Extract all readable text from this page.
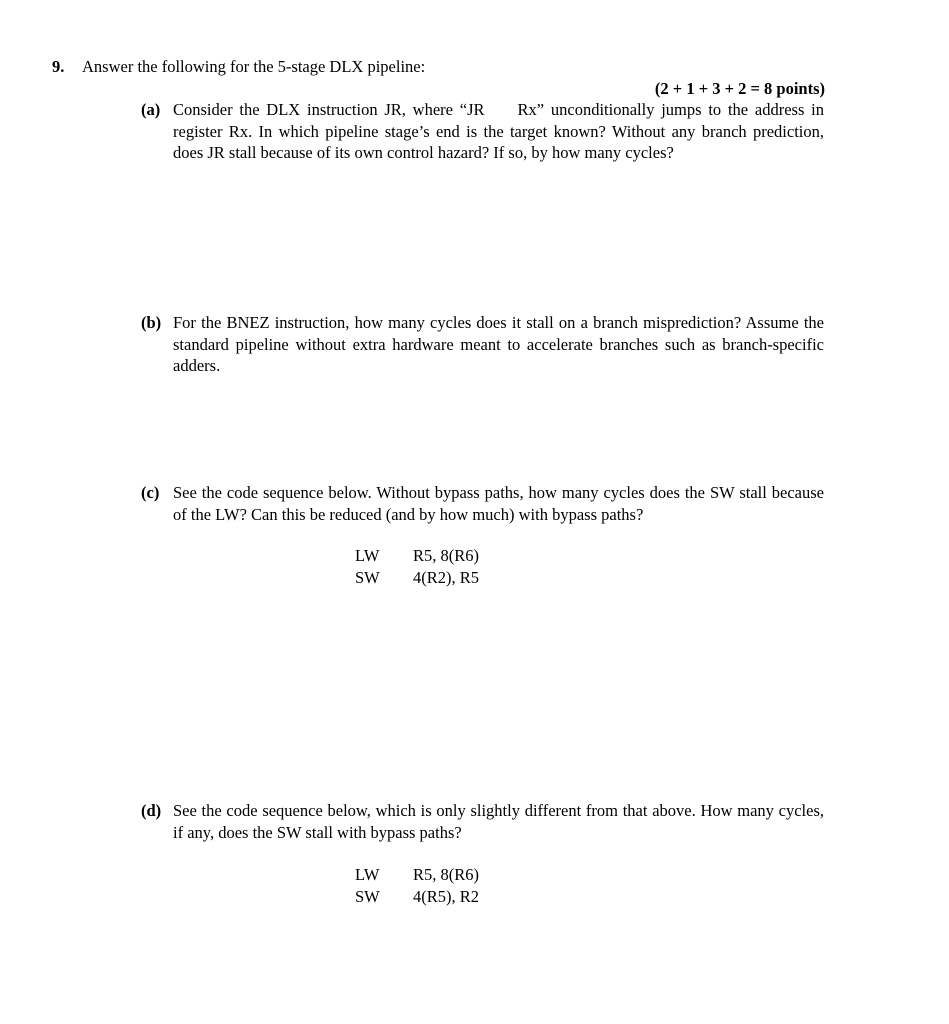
9. Answer the following for the 5-stage DLX pipeline:
(2 + 1 + 3 + 2 = 8 points)
(a) Consider the DLX instruction JR, where “JR  Rx” unconditionally jumps to the address in register Rx. In which pipeline stage’s end is the target known? Without any branch prediction, does JR stall because of its own control hazard? If so, by how many cycles?
(b) For the BNEZ instruction, how many cycles does it stall on a branch misprediction? Assume the standard pipeline without extra hardware meant to accelerate branches such as branch-specific adders.
(c) See the code sequence below. Without bypass paths, how many cycles does the SW stall because of the LW? Can this be reduced (and by how much) with bypass paths?
LW	R5, 8(R6)
SW	4(R2), R5
(d) See the code sequence below, which is only slightly different from that above. How many cycles, if any, does the SW stall with bypass paths?
LW	R5, 8(R6)
SW	4(R5), R2
